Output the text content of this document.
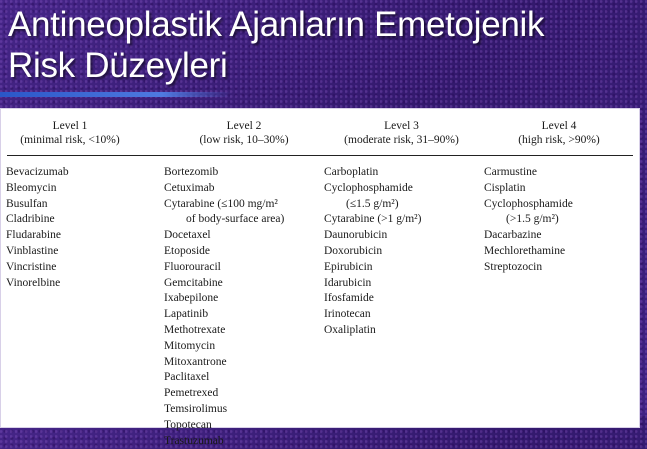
Antineoplastik Ajanların Emetojenik
Risk Düzeyleri
Level 1
(minimal risk, <10%)
Bevacizumab
Bleomycin
Busulfan
Cladribine
Fludarabine
Vinblastine
Vincristine
Vinorelbine
Level 2
(low risk, 10–30%)
Bortezomib
Cetuximab
Cytarabine (≤100 mg/m²
of body-surface area)
Docetaxel
Etoposide
Fluorouracil
Gemcitabine
Ixabepilone
Lapatinib
Methotrexate
Mitomycin
Mitoxantrone
Paclitaxel
Pemetrexed
Temsirolimus
Topotecan
Trastuzumab
Level 3
(moderate risk, 31–90%)
Carboplatin
Cyclophosphamide
(≤1.5 g/m²)
Cytarabine (>1 g/m²)
Daunorubicin
Doxorubicin
Epirubicin
Idarubicin
Ifosfamide
Irinotecan
Oxaliplatin
Level 4
(high risk, >90%)
Carmustine
Cisplatin
Cyclophosphamide
(>1.5 g/m²)
Dacarbazine
Mechlorethamine
Streptozocin
